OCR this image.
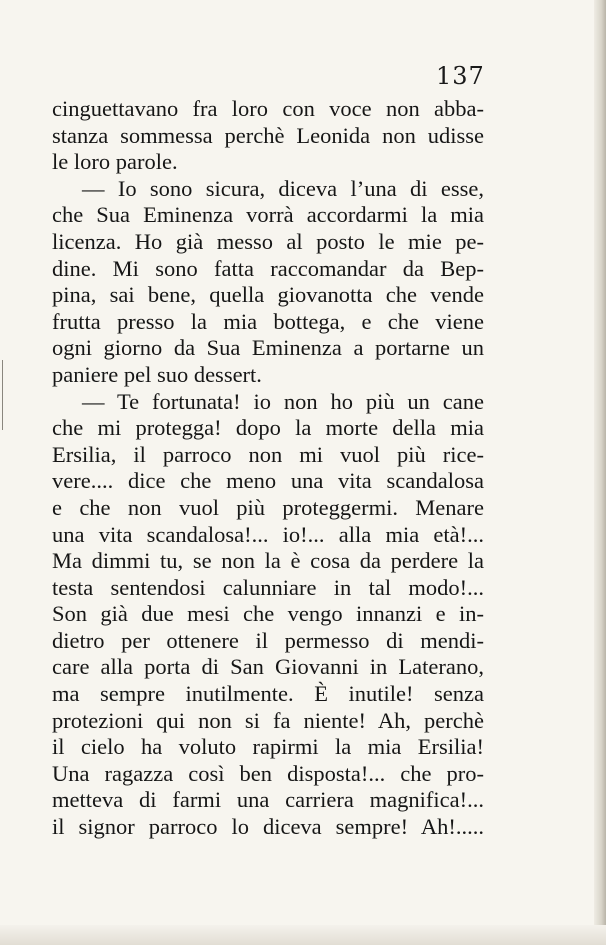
137
cinguettavano fra loro con voce non abba-
stanza sommessa perchè Leonida non udisse
le loro parole.
— Io sono sicura, diceva l’una di esse,
che Sua Eminenza vorrà accordarmi la mia
licenza. Ho già messo al posto le mie pe-
dine. Mi sono fatta raccomandar da Bep-
pina, sai bene, quella giovanotta che vende
frutta presso la mia bottega, e che viene
ogni giorno da Sua Eminenza a portarne un
paniere pel suo dessert.
— Te fortunata! io non ho più un cane
che mi protegga! dopo la morte della mia
Ersilia, il parroco non mi vuol più rice-
vere.... dice che meno una vita scandalosa
e che non vuol più proteggermi. Menare
una vita scandalosa!... io!... alla mia età!...
Ma dimmi tu, se non la è cosa da perdere la
testa sentendosi calunniare in tal modo!...
Son già due mesi che vengo innanzi e in-
dietro per ottenere il permesso di mendi-
care alla porta di San Giovanni in Laterano,
ma sempre inutilmente. È inutile! senza
protezioni qui non si fa niente! Ah, perchè
il cielo ha voluto rapirmi la mia Ersilia!
Una ragazza così ben disposta!... che pro-
metteva di farmi una carriera magnifica!...
il signor parroco lo diceva sempre! Ah!.....
